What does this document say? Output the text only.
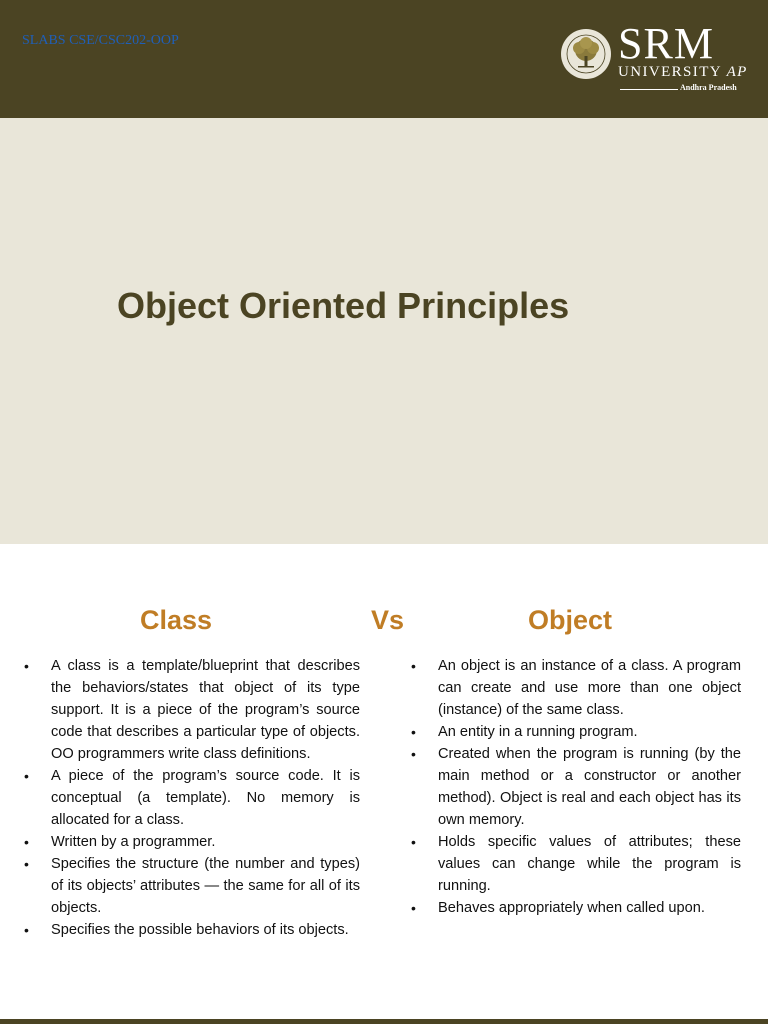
SLABS CSE/CSC202-OOP	SRM
UNIVERSITY AP
Andhra Pradesh
Object Oriented Principles
Class	Vs	Object
• A class is a template/blueprint that describes the behaviors/states that object of its type support. It is a piece of the program’s source code that describes a particular type of objects. OO programmers write class definitions.
• A piece of the program’s source code. It is conceptual (a template). No memory is allocated for a class.
• Written by a programmer.
• Specifies the structure (the number and types) of its objects’ attributes — the same for all of its objects.
• Specifies the possible behaviors of its objects.
• An object is an instance of a class. A program can create and use more than one object (instance) of the same class.
• An entity in a running program.
• Created when the program is running (by the main method or a constructor or another method). Object is real and each object has its own memory.
• Holds specific values of attributes; these values can change while the program is running.
• Behaves appropriately when called upon.
